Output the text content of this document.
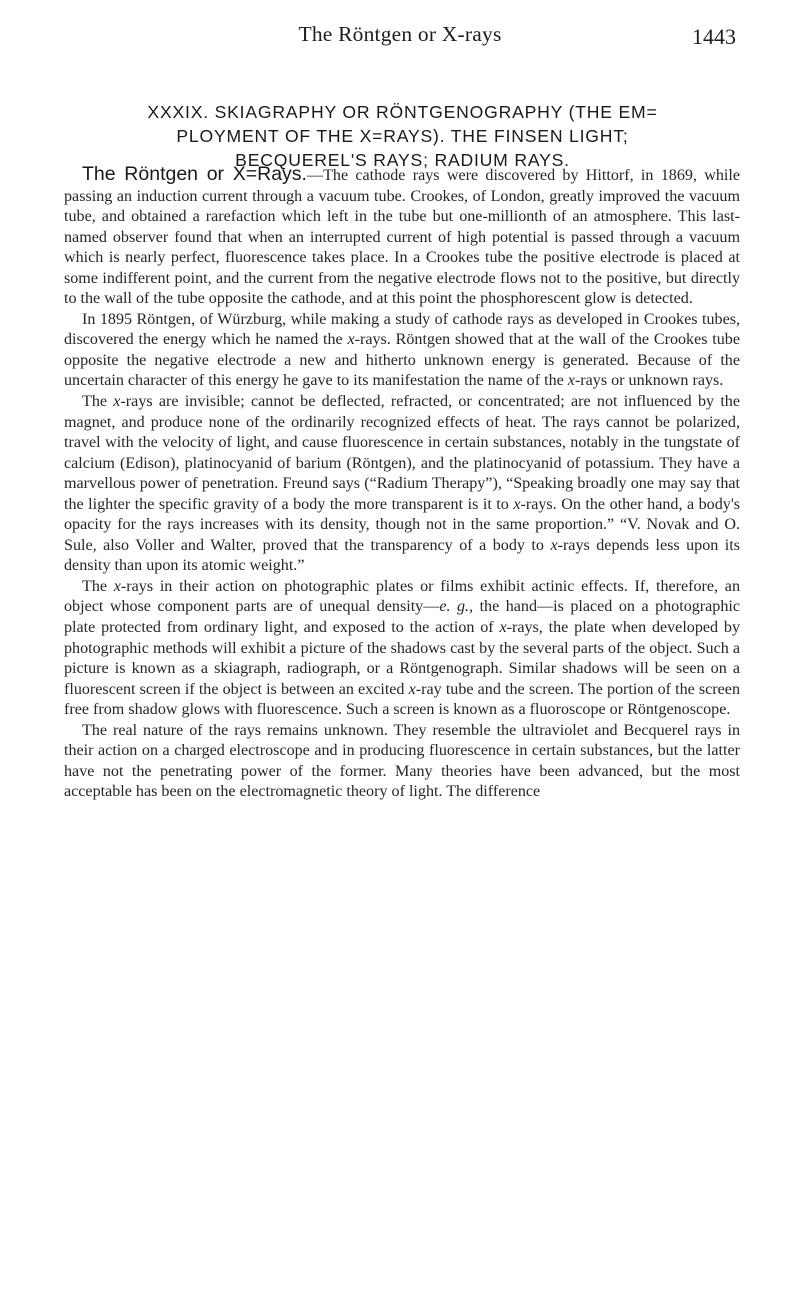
The Röntgen or X-rays	1443
XXXIX. SKIAGRAPHY OR RÖNTGENOGRAPHY (THE EM=
PLOYMENT OF THE X=RAYS). THE FINSEN LIGHT;
BECQUEREL'S RAYS; RADIUM RAYS.

The Röntgen or X=Rays.—The cathode rays were discovered by Hittorf, in 1869, while passing an induction current through a vacuum tube. Crookes, of London, greatly improved the vacuum tube, and obtained a rarefaction which left in the tube but one-millionth of an atmosphere. This last-named observer found that when an interrupted current of high potential is passed through a vacuum which is nearly perfect, fluorescence takes place. In a Crookes tube the positive electrode is placed at some indifferent point, and the current from the negative electrode flows not to the positive, but directly to the wall of the tube opposite the cathode, and at this point the phosphorescent glow is detected.

In 1895 Röntgen, of Würzburg, while making a study of cathode rays as developed in Crookes tubes, discovered the energy which he named the x-rays. Röntgen showed that at the wall of the Crookes tube opposite the negative electrode a new and hitherto unknown energy is generated. Because of the uncertain character of this energy he gave to its manifestation the name of the x-rays or unknown rays.

The x-rays are invisible; cannot be deflected, refracted, or concentrated; are not influenced by the magnet, and produce none of the ordinarily recognized effects of heat. The rays cannot be polarized, travel with the velocity of light, and cause fluorescence in certain substances, notably in the tungstate of calcium (Edison), platinocyanid of barium (Röntgen), and the platinocyanid of potassium. They have a marvellous power of penetration. Freund says (“Radium Therapy”), “Speaking broadly one may say that the lighter the specific gravity of a body the more transparent is it to x-rays. On the other hand, a body's opacity for the rays increases with its density, though not in the same proportion.” “V. Novak and O. Sule, also Voller and Walter, proved that the transparency of a body to x-rays depends less upon its density than upon its atomic weight.”

The x-rays in their action on photographic plates or films exhibit actinic effects. If, therefore, an object whose component parts are of unequal density—e. g., the hand—is placed on a photographic plate protected from ordinary light, and exposed to the action of x-rays, the plate when developed by photographic methods will exhibit a picture of the shadows cast by the several parts of the object. Such a picture is known as a skiagraph, radiograph, or a Röntgenograph. Similar shadows will be seen on a fluorescent screen if the object is between an excited x-ray tube and the screen. The portion of the screen free from shadow glows with fluorescence. Such a screen is known as a fluoroscope or Röntgenoscope.

The real nature of the rays remains unknown. They resemble the ultraviolet and Becquerel rays in their action on a charged electroscope and in producing fluorescence in certain substances, but the latter have not the penetrating power of the former. Many theories have been advanced, but the most acceptable has been on the electromagnetic theory of light. The difference
